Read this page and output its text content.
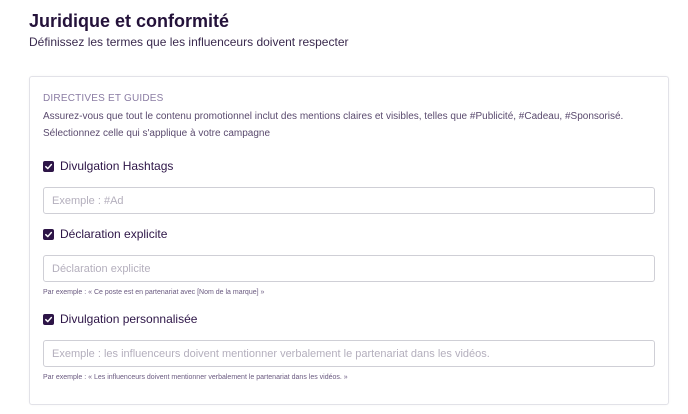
Juridique et conformité
Définissez les termes que les influenceurs doivent respecter
DIRECTIVES ET GUIDES
Assurez-vous que tout le contenu promotionnel inclut des mentions claires et visibles, telles que #Publicité, #Cadeau, #Sponsorisé. Sélectionnez celle qui s'applique à votre campagne
Divulgation Hashtags
Exemple : #Ad
Déclaration explicite
Déclaration explicite
Par exemple : « Ce poste est en partenariat avec [Nom de la marque] »
Divulgation personnalisée
Exemple : les influenceurs doivent mentionner verbalement le partenariat dans les vidéos.
Par exemple : « Les influenceurs doivent mentionner verbalement le partenariat dans les vidéos. »
